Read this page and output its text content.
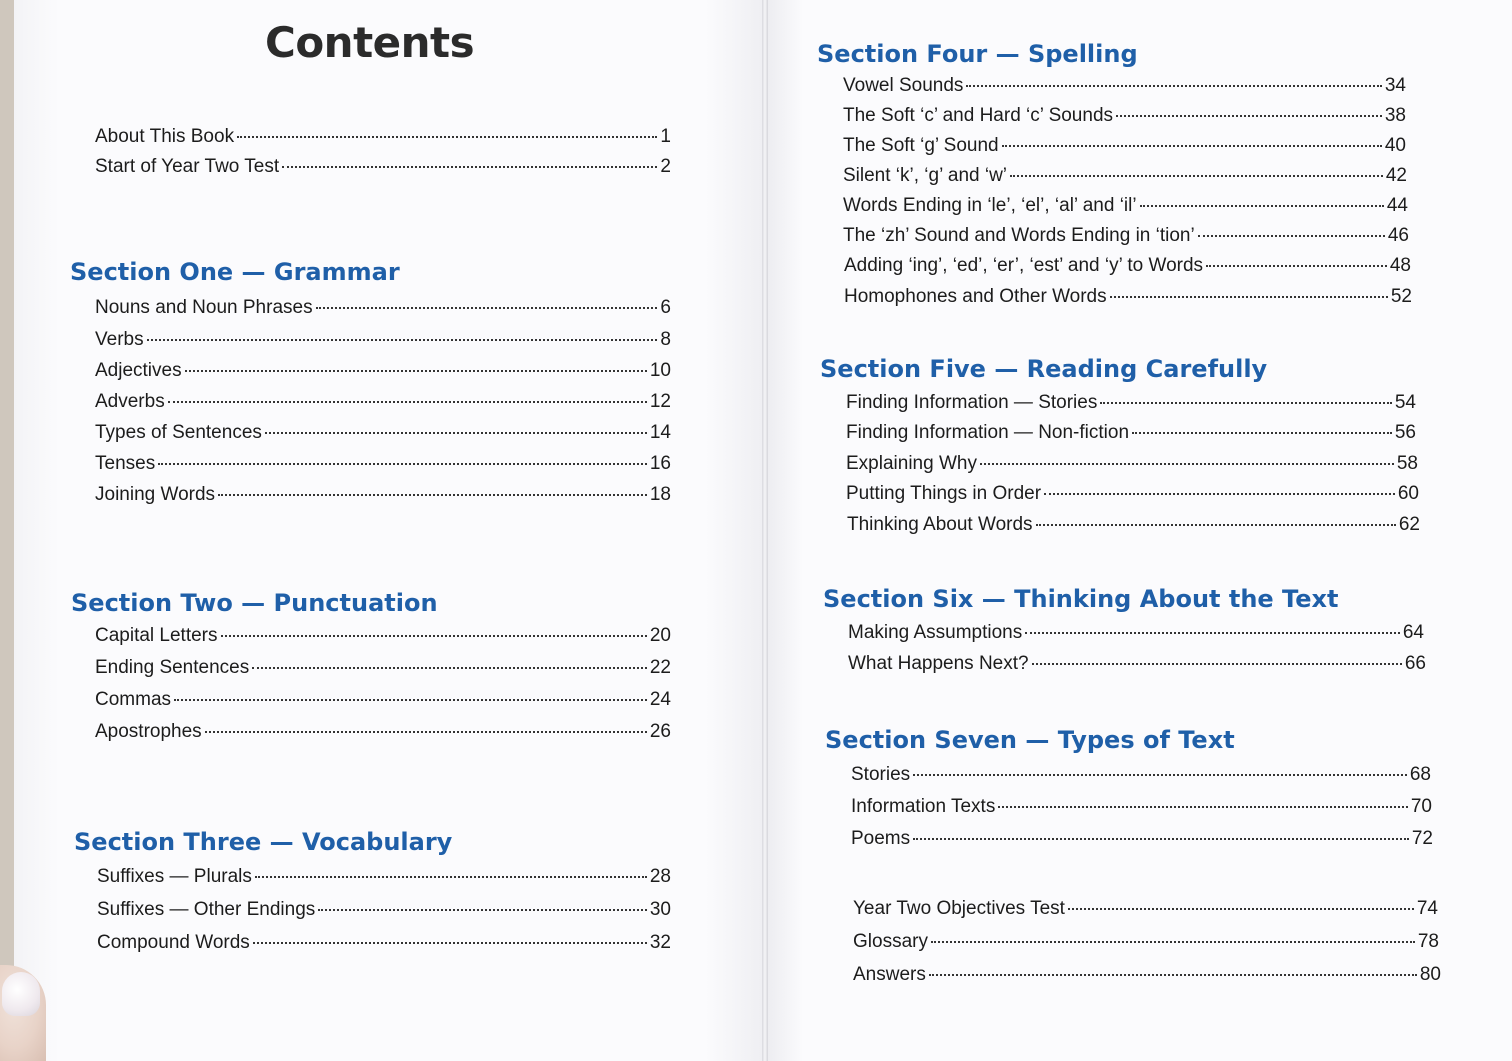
Contents
About This Book	1
Start of Year Two Test	2
Section One — Grammar
Nouns and Noun Phrases	6
Verbs	8
Adjectives	10
Adverbs	12
Types of Sentences	14
Tenses	16
Joining Words	18
Section Two — Punctuation
Capital Letters	20
Ending Sentences	22
Commas	24
Apostrophes	26
Section Three — Vocabulary
Suffixes — Plurals	28
Suffixes — Other Endings	30
Compound Words	32
Section Four — Spelling
Vowel Sounds	34
The Soft ‘c’ and Hard ‘c’ Sounds	38
The Soft ‘g’ Sound	40
Silent ‘k’, ‘g’ and ‘w’	42
Words Ending in ‘le’, ‘el’, ‘al’ and ‘il’	44
The ‘zh’ Sound and Words Ending in ‘tion’	46
Adding ‘ing’, ‘ed’, ‘er’, ‘est’ and ‘y’ to Words	48
Homophones and Other Words	52
Section Five — Reading Carefully
Finding Information — Stories	54
Finding Information — Non-fiction	56
Explaining Why	58
Putting Things in Order	60
Thinking About Words	62
Section Six — Thinking About the Text
Making Assumptions	64
What Happens Next?	66
Section Seven — Types of Text
Stories	68
Information Texts	70
Poems	72
Year Two Objectives Test	74
Glossary	78
Answers	80
